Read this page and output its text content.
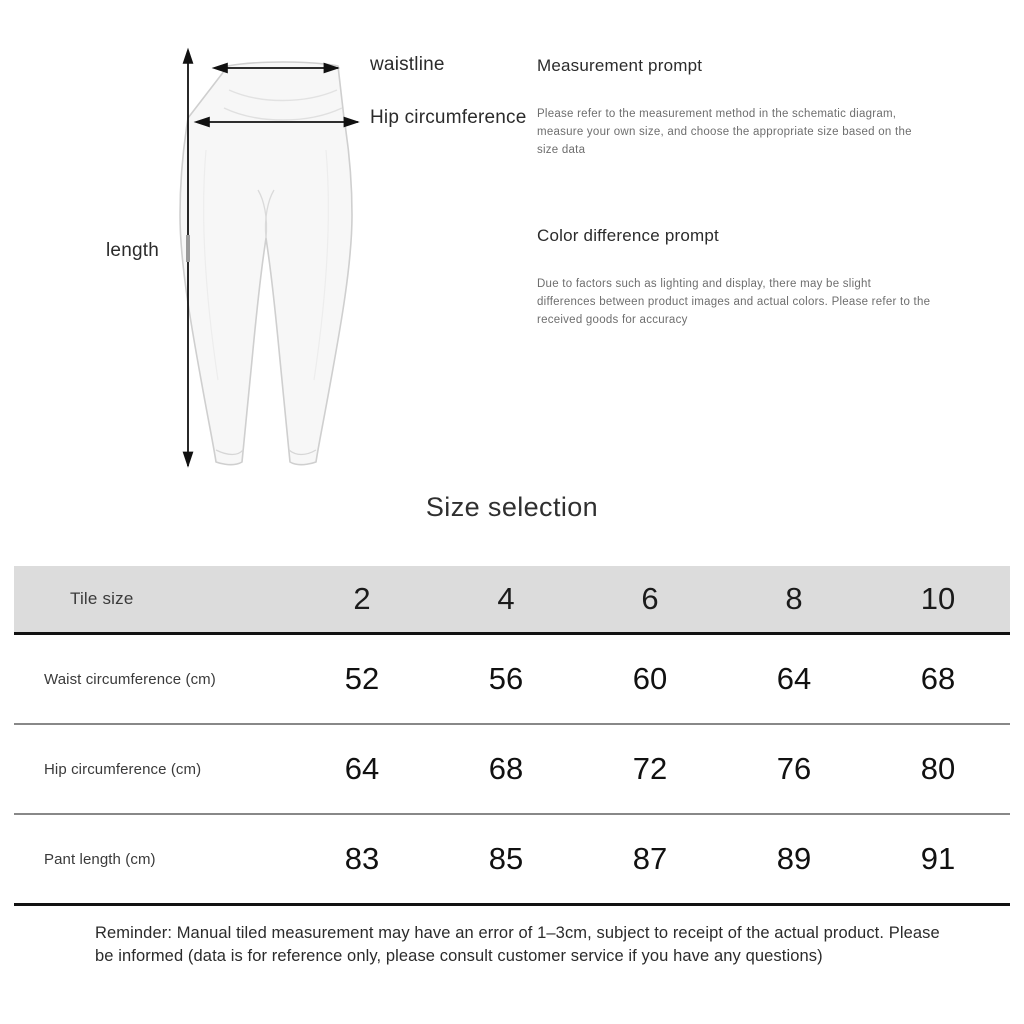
waistline
Hip circumference
length
Measurement prompt
Please refer to the measurement method in the schematic diagram, measure your own size, and choose the appropriate size based on the size data
Color difference prompt
Due to factors such as lighting and display, there may be slight differences between product images and actual colors. Please refer to the received goods for accuracy
Size selection
Tile size	2	4	6	8	10
Waist circumference (cm)	52	56	60	64	68
Hip circumference (cm)	64	68	72	76	80
Pant length (cm)	83	85	87	89	91
Reminder: Manual tiled measurement may have an error of 1–3cm, subject to receipt of the actual product. Please be informed (data is for reference only, please consult customer service if you have any questions)
